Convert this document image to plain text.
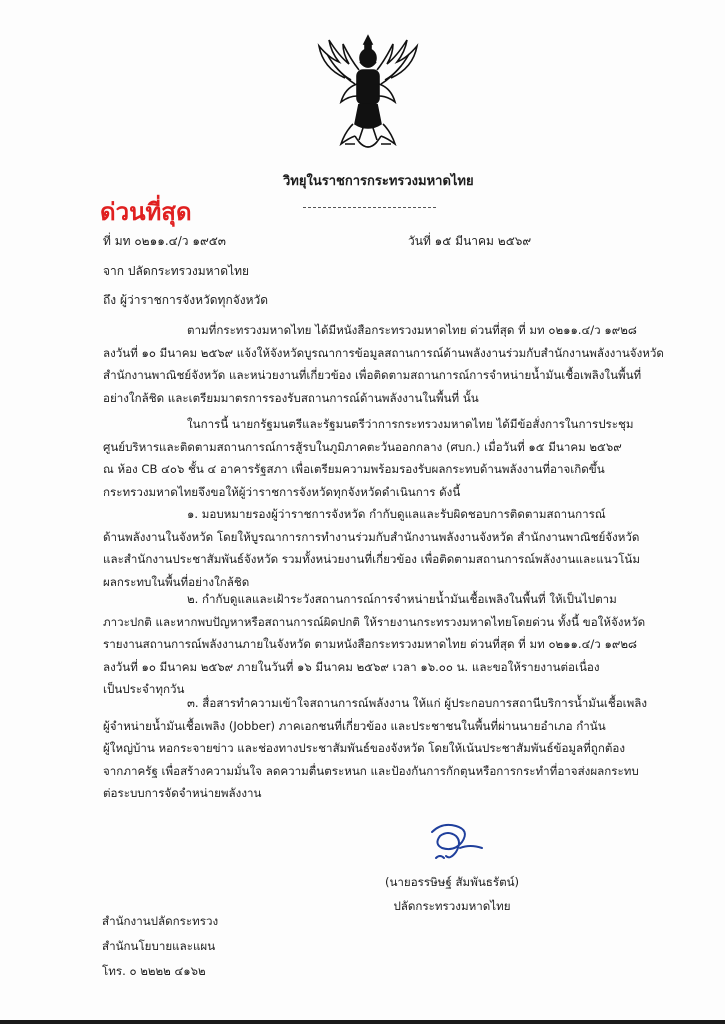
วิทยุในราชการกระทรวงมหาดไทย
ด่วนที่สุด
ที่ มท ๐๒๑๑.๔/ว ๑๙๕๓	วันที่ ๑๕ มีนาคม ๒๕๖๙
จาก ปลัดกระทรวงมหาดไทย
ถึง ผู้ว่าราชการจังหวัดทุกจังหวัด
ตามที่กระทรวงมหาดไทย ได้มีหนังสือกระทรวงมหาดไทย ด่วนที่สุด ที่ มท ๐๒๑๑.๔/ว ๑๙๒๘
ลงวันที่ ๑๐ มีนาคม ๒๕๖๙ แจ้งให้จังหวัดบูรณาการข้อมูลสถานการณ์ด้านพลังงานร่วมกับสำนักงานพลังงานจังหวัด
สำนักงานพาณิชย์จังหวัด และหน่วยงานที่เกี่ยวข้อง เพื่อติดตามสถานการณ์การจำหน่ายน้ำมันเชื้อเพลิงในพื้นที่
อย่างใกล้ชิด และเตรียมมาตรการรองรับสถานการณ์ด้านพลังงานในพื้นที่ นั้น
ในการนี้ นายกรัฐมนตรีและรัฐมนตรีว่าการกระทรวงมหาดไทย ได้มีข้อสั่งการในการประชุม
ศูนย์บริหารและติดตามสถานการณ์การสู้รบในภูมิภาคตะวันออกกลาง (ศบก.) เมื่อวันที่ ๑๕ มีนาคม ๒๕๖๙
ณ ห้อง CB ๔๐๖ ชั้น ๔ อาคารรัฐสภา เพื่อเตรียมความพร้อมรองรับผลกระทบด้านพลังงานที่อาจเกิดขึ้น
กระทรวงมหาดไทยจึงขอให้ผู้ว่าราชการจังหวัดทุกจังหวัดดำเนินการ ดังนี้
๑. มอบหมายรองผู้ว่าราชการจังหวัด กำกับดูแลและรับผิดชอบการติดตามสถานการณ์
ด้านพลังงานในจังหวัด โดยให้บูรณาการการทำงานร่วมกับสำนักงานพลังงานจังหวัด สำนักงานพาณิชย์จังหวัด
และสำนักงานประชาสัมพันธ์จังหวัด รวมทั้งหน่วยงานที่เกี่ยวข้อง เพื่อติดตามสถานการณ์พลังงานและแนวโน้ม
ผลกระทบในพื้นที่อย่างใกล้ชิด
๒. กำกับดูแลและเฝ้าระวังสถานการณ์การจำหน่ายน้ำมันเชื้อเพลิงในพื้นที่ ให้เป็นไปตาม
ภาวะปกติ และหากพบปัญหาหรือสถานการณ์ผิดปกติ ให้รายงานกระทรวงมหาดไทยโดยด่วน ทั้งนี้ ขอให้จังหวัด
รายงานสถานการณ์พลังงานภายในจังหวัด ตามหนังสือกระทรวงมหาดไทย ด่วนที่สุด ที่ มท ๐๒๑๑.๔/ว ๑๙๒๘
ลงวันที่ ๑๐ มีนาคม ๒๕๖๙ ภายในวันที่ ๑๖ มีนาคม ๒๕๖๙ เวลา ๑๖.๐๐ น. และขอให้รายงานต่อเนื่อง
เป็นประจำทุกวัน
๓. สื่อสารทำความเข้าใจสถานการณ์พลังงาน ให้แก่ ผู้ประกอบการสถานีบริการน้ำมันเชื้อเพลิง
ผู้จำหน่ายน้ำมันเชื้อเพลิง (Jobber) ภาคเอกชนที่เกี่ยวข้อง และประชาชนในพื้นที่ผ่านนายอำเภอ กำนัน
ผู้ใหญ่บ้าน หอกระจายข่าว และช่องทางประชาสัมพันธ์ของจังหวัด โดยให้เน้นประชาสัมพันธ์ข้อมูลที่ถูกต้อง
จากภาครัฐ เพื่อสร้างความมั่นใจ ลดความตื่นตระหนก และป้องกันการกักตุนหรือการกระทำที่อาจส่งผลกระทบ
ต่อระบบการจัดจำหน่ายพลังงาน
(นายอรรษิษฐ์ สัมพันธรัตน์)
ปลัดกระทรวงมหาดไทย
สำนักงานปลัดกระทรวง
สำนักนโยบายและแผน
โทร. ๐ ๒๒๒๒ ๔๑๖๒
